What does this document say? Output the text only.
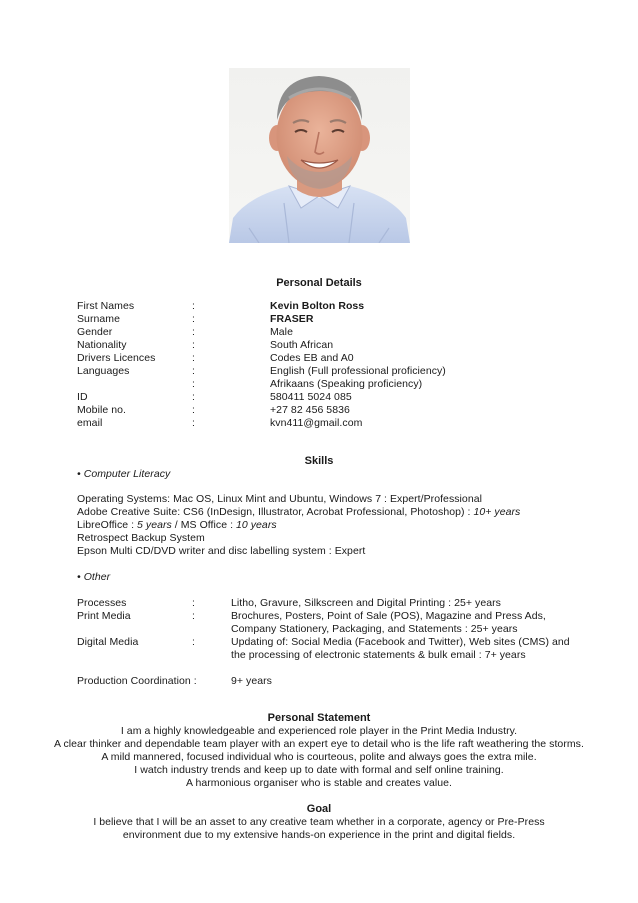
Personal Details
First Names	:	Kevin Bolton Ross
Surname	:	FRASER
Gender	:	Male
Nationality	:	South African
Drivers Licences	:	Codes EB and A0
Languages	:	English (Full professional proficiency)
:	Afrikaans (Speaking proficiency)
ID	:	580411 5024 085
Mobile no.	:	+27 82 456 5836
email	:	kvn411@gmail.com
Skills
• Computer Literacy
Operating Systems: Mac OS, Linux Mint and Ubuntu, Windows 7 : Expert/Professional
Adobe Creative Suite: CS6 (InDesign, Illustrator, Acrobat Professional, Photoshop) : 10+ years
LibreOffice : 5 years / MS Office : 10 years
Retrospect Backup System
Epson Multi CD/DVD writer and disc labelling system : Expert
• Other
Processes	:	Litho, Gravure, Silkscreen and Digital Printing : 25+ years
Print Media	:	Brochures, Posters, Point of Sale (POS), Magazine and Press Ads,
Company Stationery, Packaging, and Statements : 25+ years
Digital Media	:	Updating of: Social Media (Facebook and Twitter), Web sites (CMS) and
the processing of electronic statements & bulk email : 7+ years
Production Coordination :	9+ years
Personal Statement
I am a highly knowledgeable and experienced role player in the Print Media Industry.
A clear thinker and dependable team player with an expert eye to detail who is the life raft weathering the storms.
A mild mannered, focused individual who is courteous, polite and always goes the extra mile.
I watch industry trends and keep up to date with formal and self online training.
A harmonious organiser who is stable and creates value.
Goal
I believe that I will be an asset to any creative team whether in a corporate, agency or Pre-Press
environment due to my extensive hands-on experience in the print and digital fields.
